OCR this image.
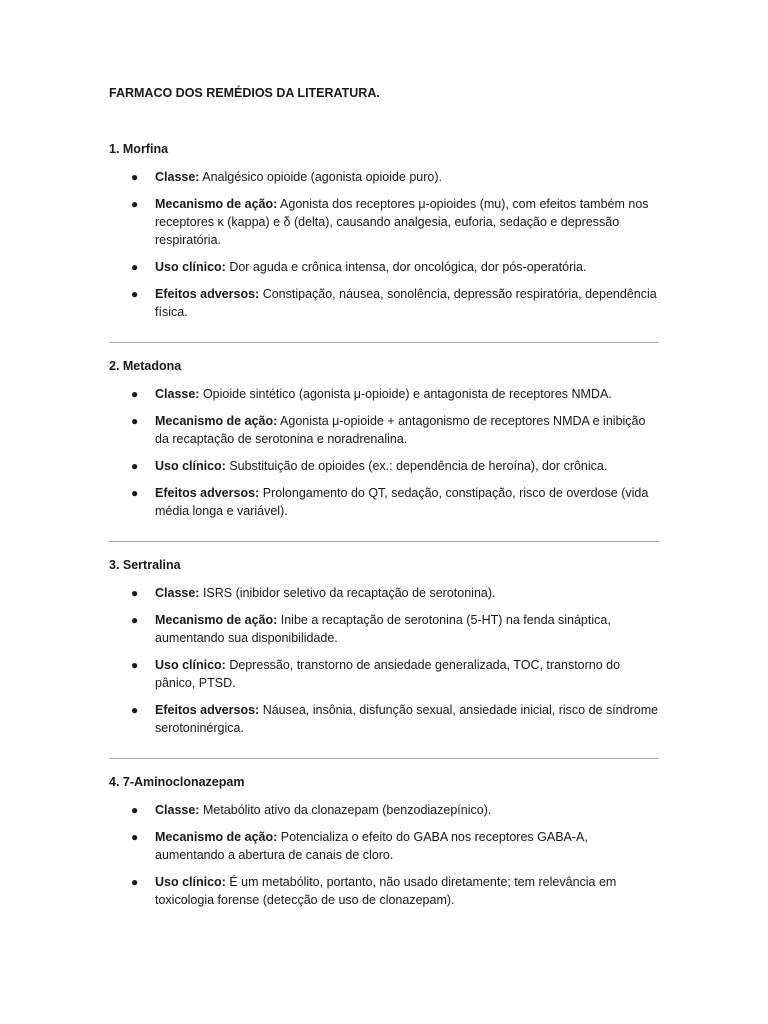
FARMACO DOS REMÉDIOS DA LITERATURA.
1. Morfina
● Classe: Analgésico opioide (agonista opioide puro).
● Mecanismo de ação: Agonista dos receptores μ-opioides (mu), com efeitos também nos receptores κ (kappa) e δ (delta), causando analgesia, euforia, sedação e depressão respiratória.
● Uso clínico: Dor aguda e crônica intensa, dor oncológica, dor pós-operatória.
● Efeitos adversos: Constipação, náusea, sonolência, depressão respiratória, dependência física.
2. Metadona
● Classe: Opioide sintético (agonista μ-opioide) e antagonista de receptores NMDA.
● Mecanismo de ação: Agonista μ-opioide + antagonismo de receptores NMDA e inibição da recaptação de serotonina e noradrenalina.
● Uso clínico: Substituição de opioides (ex.: dependência de heroína), dor crônica.
● Efeitos adversos: Prolongamento do QT, sedação, constipação, risco de overdose (vida média longa e variável).
3. Sertralina
● Classe: ISRS (inibidor seletivo da recaptação de serotonina).
● Mecanismo de ação: Inibe a recaptação de serotonina (5-HT) na fenda sináptica, aumentando sua disponibilidade.
● Uso clínico: Depressão, transtorno de ansiedade generalizada, TOC, transtorno do pânico, PTSD.
● Efeitos adversos: Náusea, insônia, disfunção sexual, ansiedade inicial, risco de síndrome serotoninérgica.
4. 7-Aminoclonazepam
● Classe: Metabólito ativo da clonazepam (benzodiazepínico).
● Mecanismo de ação: Potencializa o efeito do GABA nos receptores GABA-A, aumentando a abertura de canais de cloro.
● Uso clínico: É um metabólito, portanto, não usado diretamente; tem relevância em toxicologia forense (detecção de uso de clonazepam).
